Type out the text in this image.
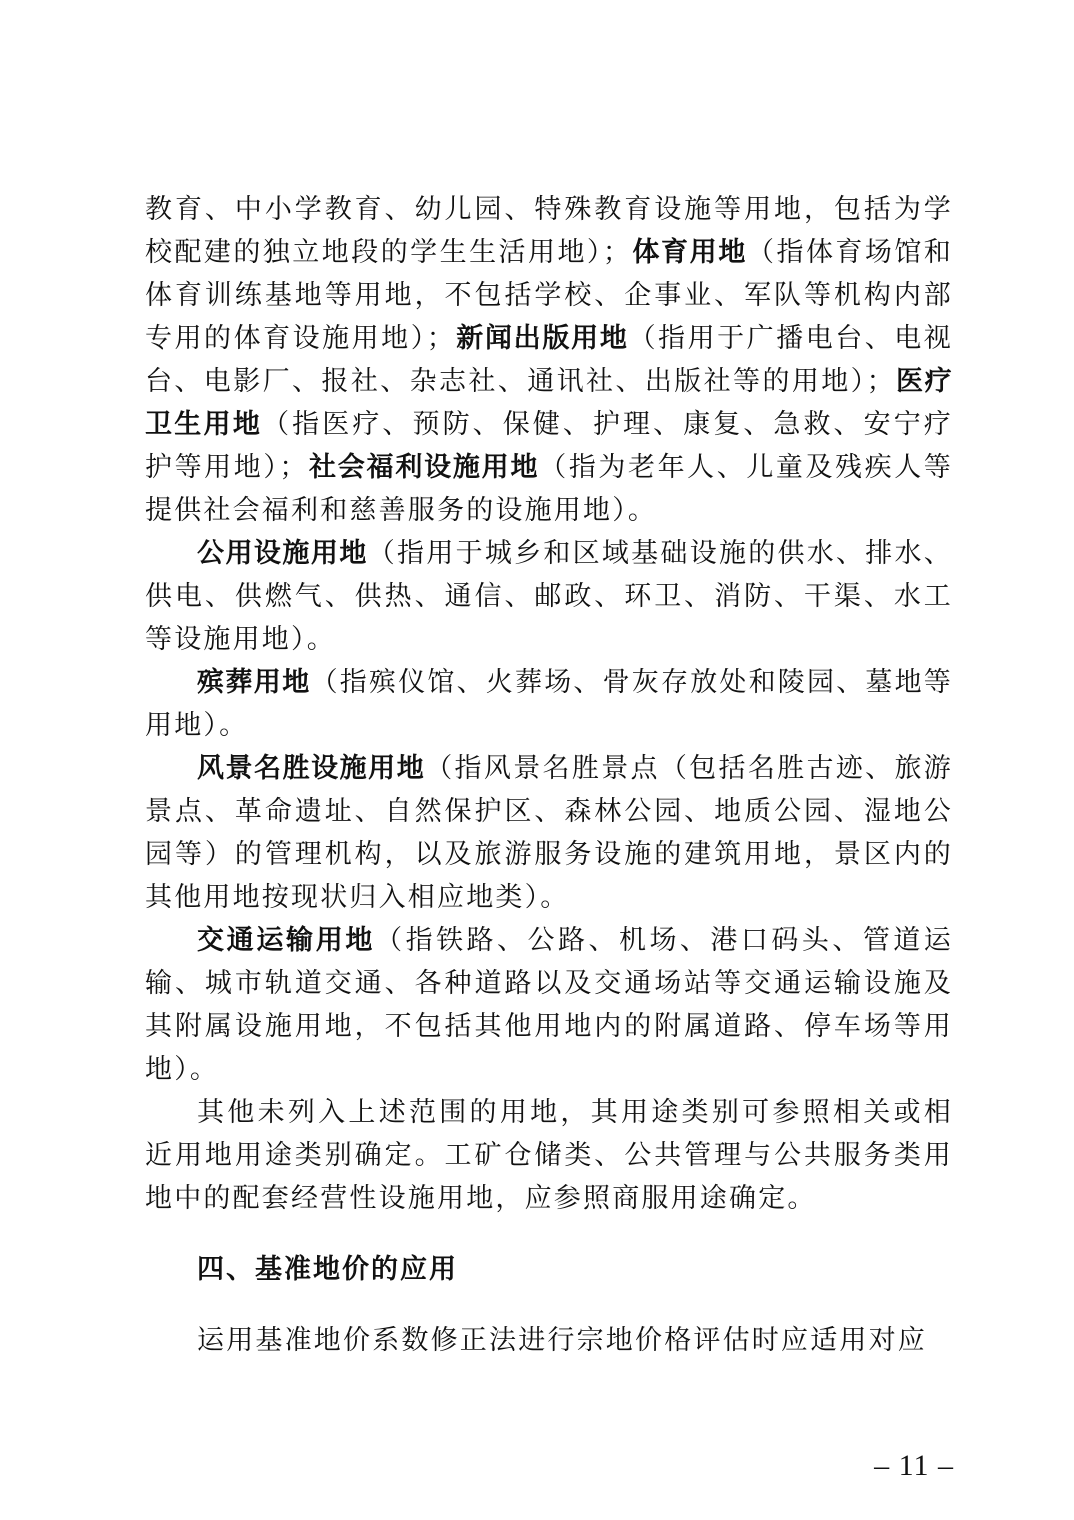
教育、中小学教育、幼儿园、特殊教育设施等用地，包括为学校配建的独立地段的学生生活用地）；体育用地（指体育场馆和体育训练基地等用地，不包括学校、企事业、军队等机构内部专用的体育设施用地）；新闻出版用地（指用于广播电台、电视台、电影厂、报社、杂志社、通讯社、出版社等的用地）；医疗卫生用地（指医疗、预防、保健、护理、康复、急救、安宁疗护等用地）；社会福利设施用地（指为老年人、儿童及残疾人等提供社会福利和慈善服务的设施用地）。

公用设施用地（指用于城乡和区域基础设施的供水、排水、供电、供燃气、供热、通信、邮政、环卫、消防、干渠、水工等设施用地）。

殡葬用地（指殡仪馆、火葬场、骨灰存放处和陵园、墓地等用地）。

风景名胜设施用地（指风景名胜景点（包括名胜古迹、旅游景点、革命遗址、自然保护区、森林公园、地质公园、湿地公园等）的管理机构，以及旅游服务设施的建筑用地，景区内的其他用地按现状归入相应地类）。

交通运输用地（指铁路、公路、机场、港口码头、管道运输、城市轨道交通、各种道路以及交通场站等交通运输设施及其附属设施用地，不包括其他用地内的附属道路、停车场等用地）。

其他未列入上述范围的用地，其用途类别可参照相关或相近用地用途类别确定。工矿仓储类、公共管理与公共服务类用地中的配套经营性设施用地，应参照商服用途确定。

四、基准地价的应用

运用基准地价系数修正法进行宗地价格评估时应适用对应

– 11 –
